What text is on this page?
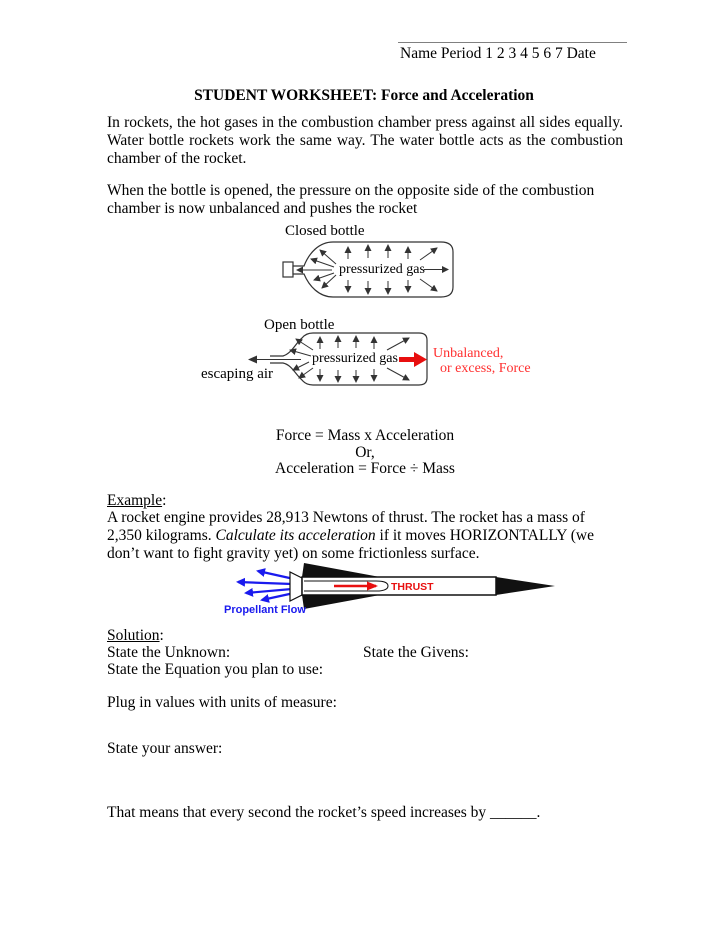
Name Period 1 2 3 4 5 6 7 Date
STUDENT WORKSHEET: Force and Acceleration

In rockets, the hot gases in the combustion chamber press against all sides equally. Water bottle rockets work the same way. The water bottle acts as the combustion chamber of the rocket.

When the bottle is opened, the pressure on the opposite side of the combustion chamber is now unbalanced and pushes the rocket

Closed bottle
pressurized gas
Open bottle
escaping air
pressurized gas	Unbalanced,
or excess, Force
Force = Mass x Acceleration
Or,
Acceleration = Force ÷ Mass
Example:

A rocket engine provides 28,913 Newtons of thrust. The rocket has a mass of 2,350 kilograms. Calculate its acceleration if it moves HORIZONTALLY (we don’t want to fight gravity yet) on some frictionless surface.

THRUST
Propellant Flow
Solution:
State the Unknown:	State the Givens:
State the Equation you plan to use:
Plug in values with units of measure:
State your answer:
That means that every second the rocket’s speed increases by ______.
